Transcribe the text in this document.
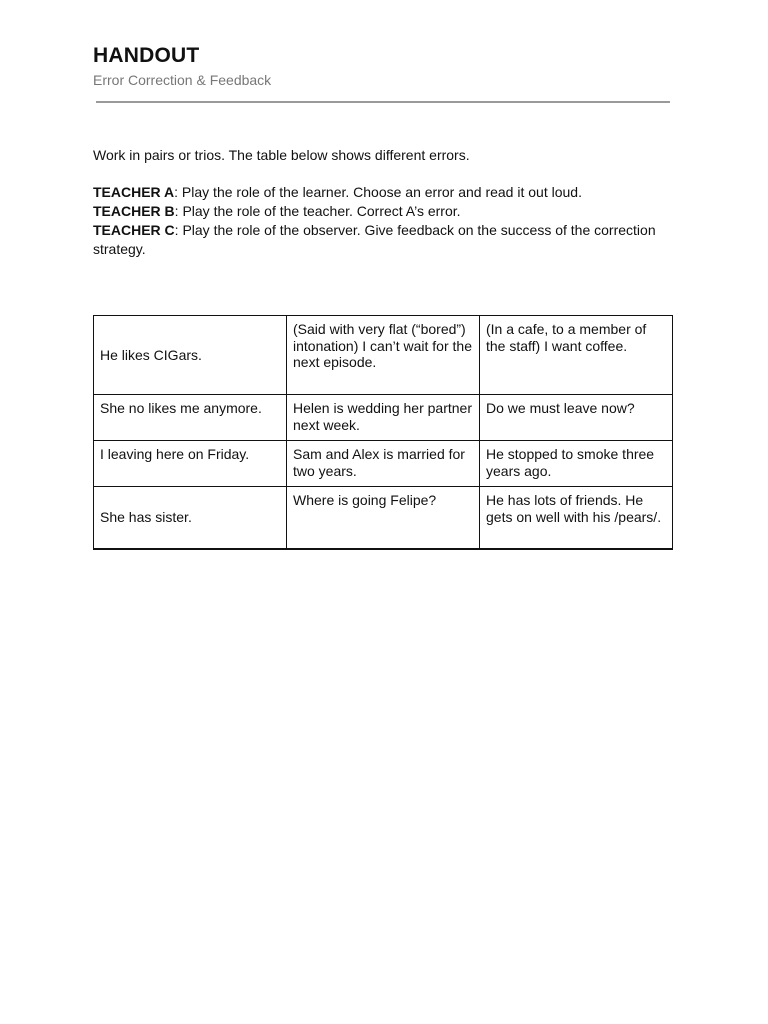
HANDOUT
Error Correction & Feedback
Work in pairs or trios. The table below shows different errors.
TEACHER A: Play the role of the learner. Choose an error and read it out loud.
TEACHER B: Play the role of the teacher. Correct A’s error.
TEACHER C: Play the role of the observer. Give feedback on the success of the correction strategy.
He likes CIGars.	(Said with very flat (“bored”) intonation) I can’t wait for the next episode.	(In a cafe, to a member of the staff) I want coffee.
She no likes me anymore.	Helen is wedding her partner next week.	Do we must leave now?
I leaving here on Friday.	Sam and Alex is married for two years.	He stopped to smoke three years ago.
She has sister.	Where is going Felipe?	He has lots of friends. He gets on well with his /pears/.
